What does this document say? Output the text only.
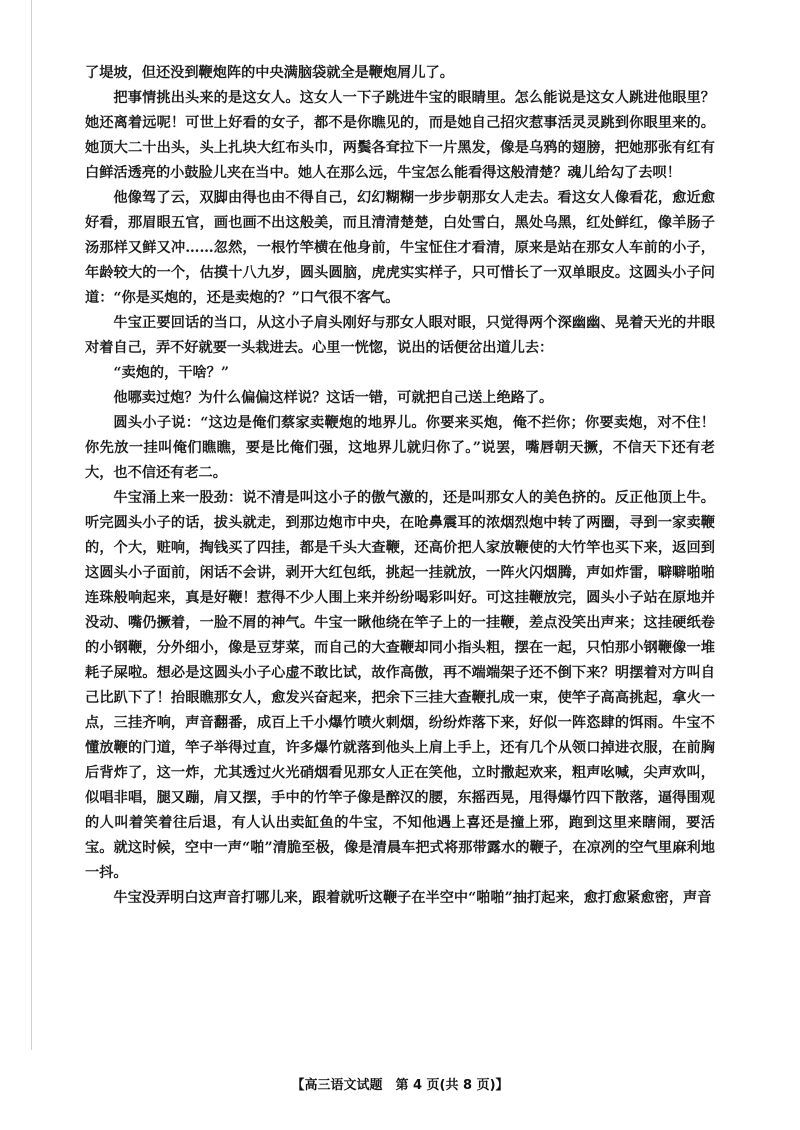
了堤坡，但还没到鞭炮阵的中央满脑袋就全是鞭炮屑儿了。

把事情挑出头来的是这女人。这女人一下子跳进牛宝的眼睛里。怎么能说是这女人跳进他眼里？她还离着远呢！可世上好看的女子，都不是你瞧见的，而是她自己招灾惹事活灵灵跳到你眼里来的。她顶大二十出头，头上扎块大红布头巾，两鬓各耷拉下一片黑发，像是乌鸦的翅膀，把她那张有红有白鲜活透亮的小鼓脸儿夹在当中。她人在那么远，牛宝怎么能看得这般清楚？魂儿给勾了去呗！

他像驾了云，双脚由得也由不得自己，幻幻糊糊一步步朝那女人走去。看这女人像看花，愈近愈好看，那眉眼五官，画也画不出这般美，而且清清楚楚，白处雪白，黑处乌黑，红处鲜红，像羊肠子汤那样又鲜又冲……忽然，一根竹竿横在他身前，牛宝怔住才看清，原来是站在那女人车前的小子，年龄较大的一个，估摸十八九岁，圆头圆脑，虎虎实实样子，只可惜长了一双单眼皮。这圆头小子问道：“你是买炮的，还是卖炮的？”口气很不客气。

牛宝正要回话的当口，从这小子肩头刚好与那女人眼对眼，只觉得两个深幽幽、晃着天光的井眼对着自己，弄不好就要一头栽进去。心里一恍惚，说出的话便岔出道儿去：

“卖炮的，干啥？”

他哪卖过炮？为什么偏偏这样说？这话一错，可就把自己送上绝路了。

圆头小子说：“这边是俺们蔡家卖鞭炮的地界儿。你要来买炮，俺不拦你；你要卖炮，对不住！你先放一挂叫俺们瞧瞧，要是比俺们强，这地界儿就归你了。”说罢，嘴唇朝天撅，不信天下还有老大，也不信还有老二。

牛宝涌上来一股劲：说不清是叫这小子的傲气激的，还是叫那女人的美色挤的。反正他顶上牛。听完圆头小子的话，拔头就走，到那边炮市中央，在呛鼻震耳的浓烟烈炮中转了两圈，寻到一家卖鞭的，个大，赃响，掏钱买了四挂，都是千头大查鞭，还高价把人家放鞭使的大竹竿也买下来，返回到这圆头小子面前，闲话不会讲，剥开大红包纸，挑起一挂就放，一阵火闪烟腾，声如炸雷，噼噼啪啪连珠般响起来，真是好鞭！惹得不少人围上来并纷纷喝彩叫好。可这挂鞭放完，圆头小子站在原地并没动、嘴仍撅着，一脸不屑的神气。牛宝一瞅他绕在竿子上的一挂鞭，差点没笑出声来；这挂硬纸卷的小钢鞭，分外细小，像是豆芽菜，而自己的大查鞭却同小指头粗，摆在一起，只怕那小钢鞭像一堆耗子屎啦。想必是这圆头小子心虚不敢比试，故作高傲，再不端端架子还不倒下来？明摆着对方叫自己比趴下了！抬眼瞧那女人，愈发兴奋起来，把余下三挂大查鞭扎成一束，使竿子高高挑起，拿火一点，三挂齐响，声音翻番，成百上千小爆竹喷火刺烟，纷纷炸落下来，好似一阵恣肆的饵雨。牛宝不懂放鞭的门道，竿子举得过直，许多爆竹就落到他头上肩上手上，还有几个从领口掉进衣服，在前胸后背炸了，这一炸，尤其透过火光硝烟看见那女人正在笑他，立时撒起欢来，粗声吆喊，尖声欢叫，似唱非唱，腿又蹦，肩又摆，手中的竹竿子像是醉汉的腰，东摇西晃，甩得爆竹四下散落，逼得围观的人叫着笑着往后退，有人认出卖缸鱼的牛宝，不知他遇上喜还是撞上邪，跑到这里来瞎闹，要活宝。就这时候，空中一声“啪”清脆至极，像是清晨车把式将那带露水的鞭子，在凉冽的空气里麻利地一抖。

牛宝没弄明白这声音打哪儿来，跟着就听这鞭子在半空中“啪啪”抽打起来，愈打愈紧愈密，声音

【高三语文试题　第 4 页(共 8 页)】
